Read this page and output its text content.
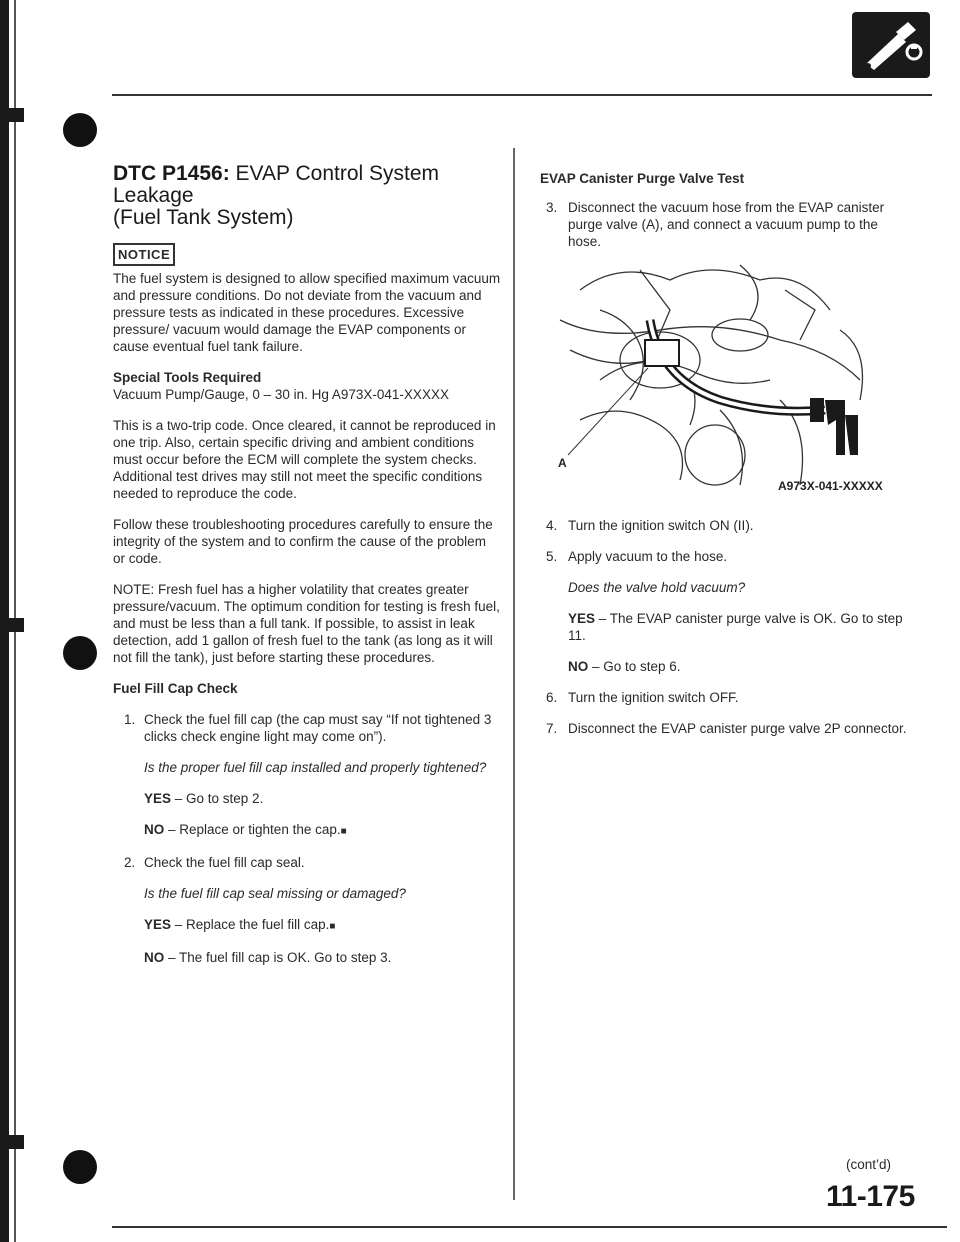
DTC P1456: EVAP Control System Leakage
(Fuel Tank System)
NOTICE

The fuel system is designed to allow specified maximum vacuum and pressure conditions. Do not deviate from the vacuum and pressure tests as indicated in these procedures. Excessive pressure/ vacuum would damage the EVAP components or cause eventual fuel tank failure.

Special Tools Required

Vacuum Pump/Gauge, 0 – 30 in. Hg A973X-041-XXXXX

This is a two-trip code. Once cleared, it cannot be reproduced in one trip. Also, certain specific driving and ambient conditions must occur before the ECM will complete the system checks. Additional test drives may still not meet the specific conditions needed to reproduce the code.

Follow these troubleshooting procedures carefully to ensure the integrity of the system and to confirm the cause of the problem or code.

NOTE: Fresh fuel has a higher volatility that creates greater pressure/vacuum. The optimum condition for testing is fresh fuel, and must be less than a full tank. If possible, to assist in leak detection, add 1 gallon of fresh fuel to the tank (as long as it will not fill the tank), just before starting these procedures.

Fuel Fill Cap Check

1. Check the fuel fill cap (the cap must say “If not tightened 3 clicks check engine light may come on”).

Is the proper fuel fill cap installed and properly tightened?

YES – Go to step 2.

NO – Replace or tighten the cap.■

2. Check the fuel fill cap seal.

Is the fuel fill cap seal missing or damaged?

YES – Replace the fuel fill cap.■

NO – The fuel fill cap is OK. Go to step 3.

EVAP Canister Purge Valve Test

3. Disconnect the vacuum hose from the EVAP canister purge valve (A), and connect a vacuum pump to the hose.
A
A973X-041-XXXXX
4. Turn the ignition switch ON (II).
5. Apply vacuum to the hose.

Does the valve hold vacuum?

YES – The EVAP canister purge valve is OK. Go to step 11.

NO – Go to step 6.

6. Turn the ignition switch OFF.
7. Disconnect the EVAP canister purge valve 2P connector.
(cont’d)
11-175
